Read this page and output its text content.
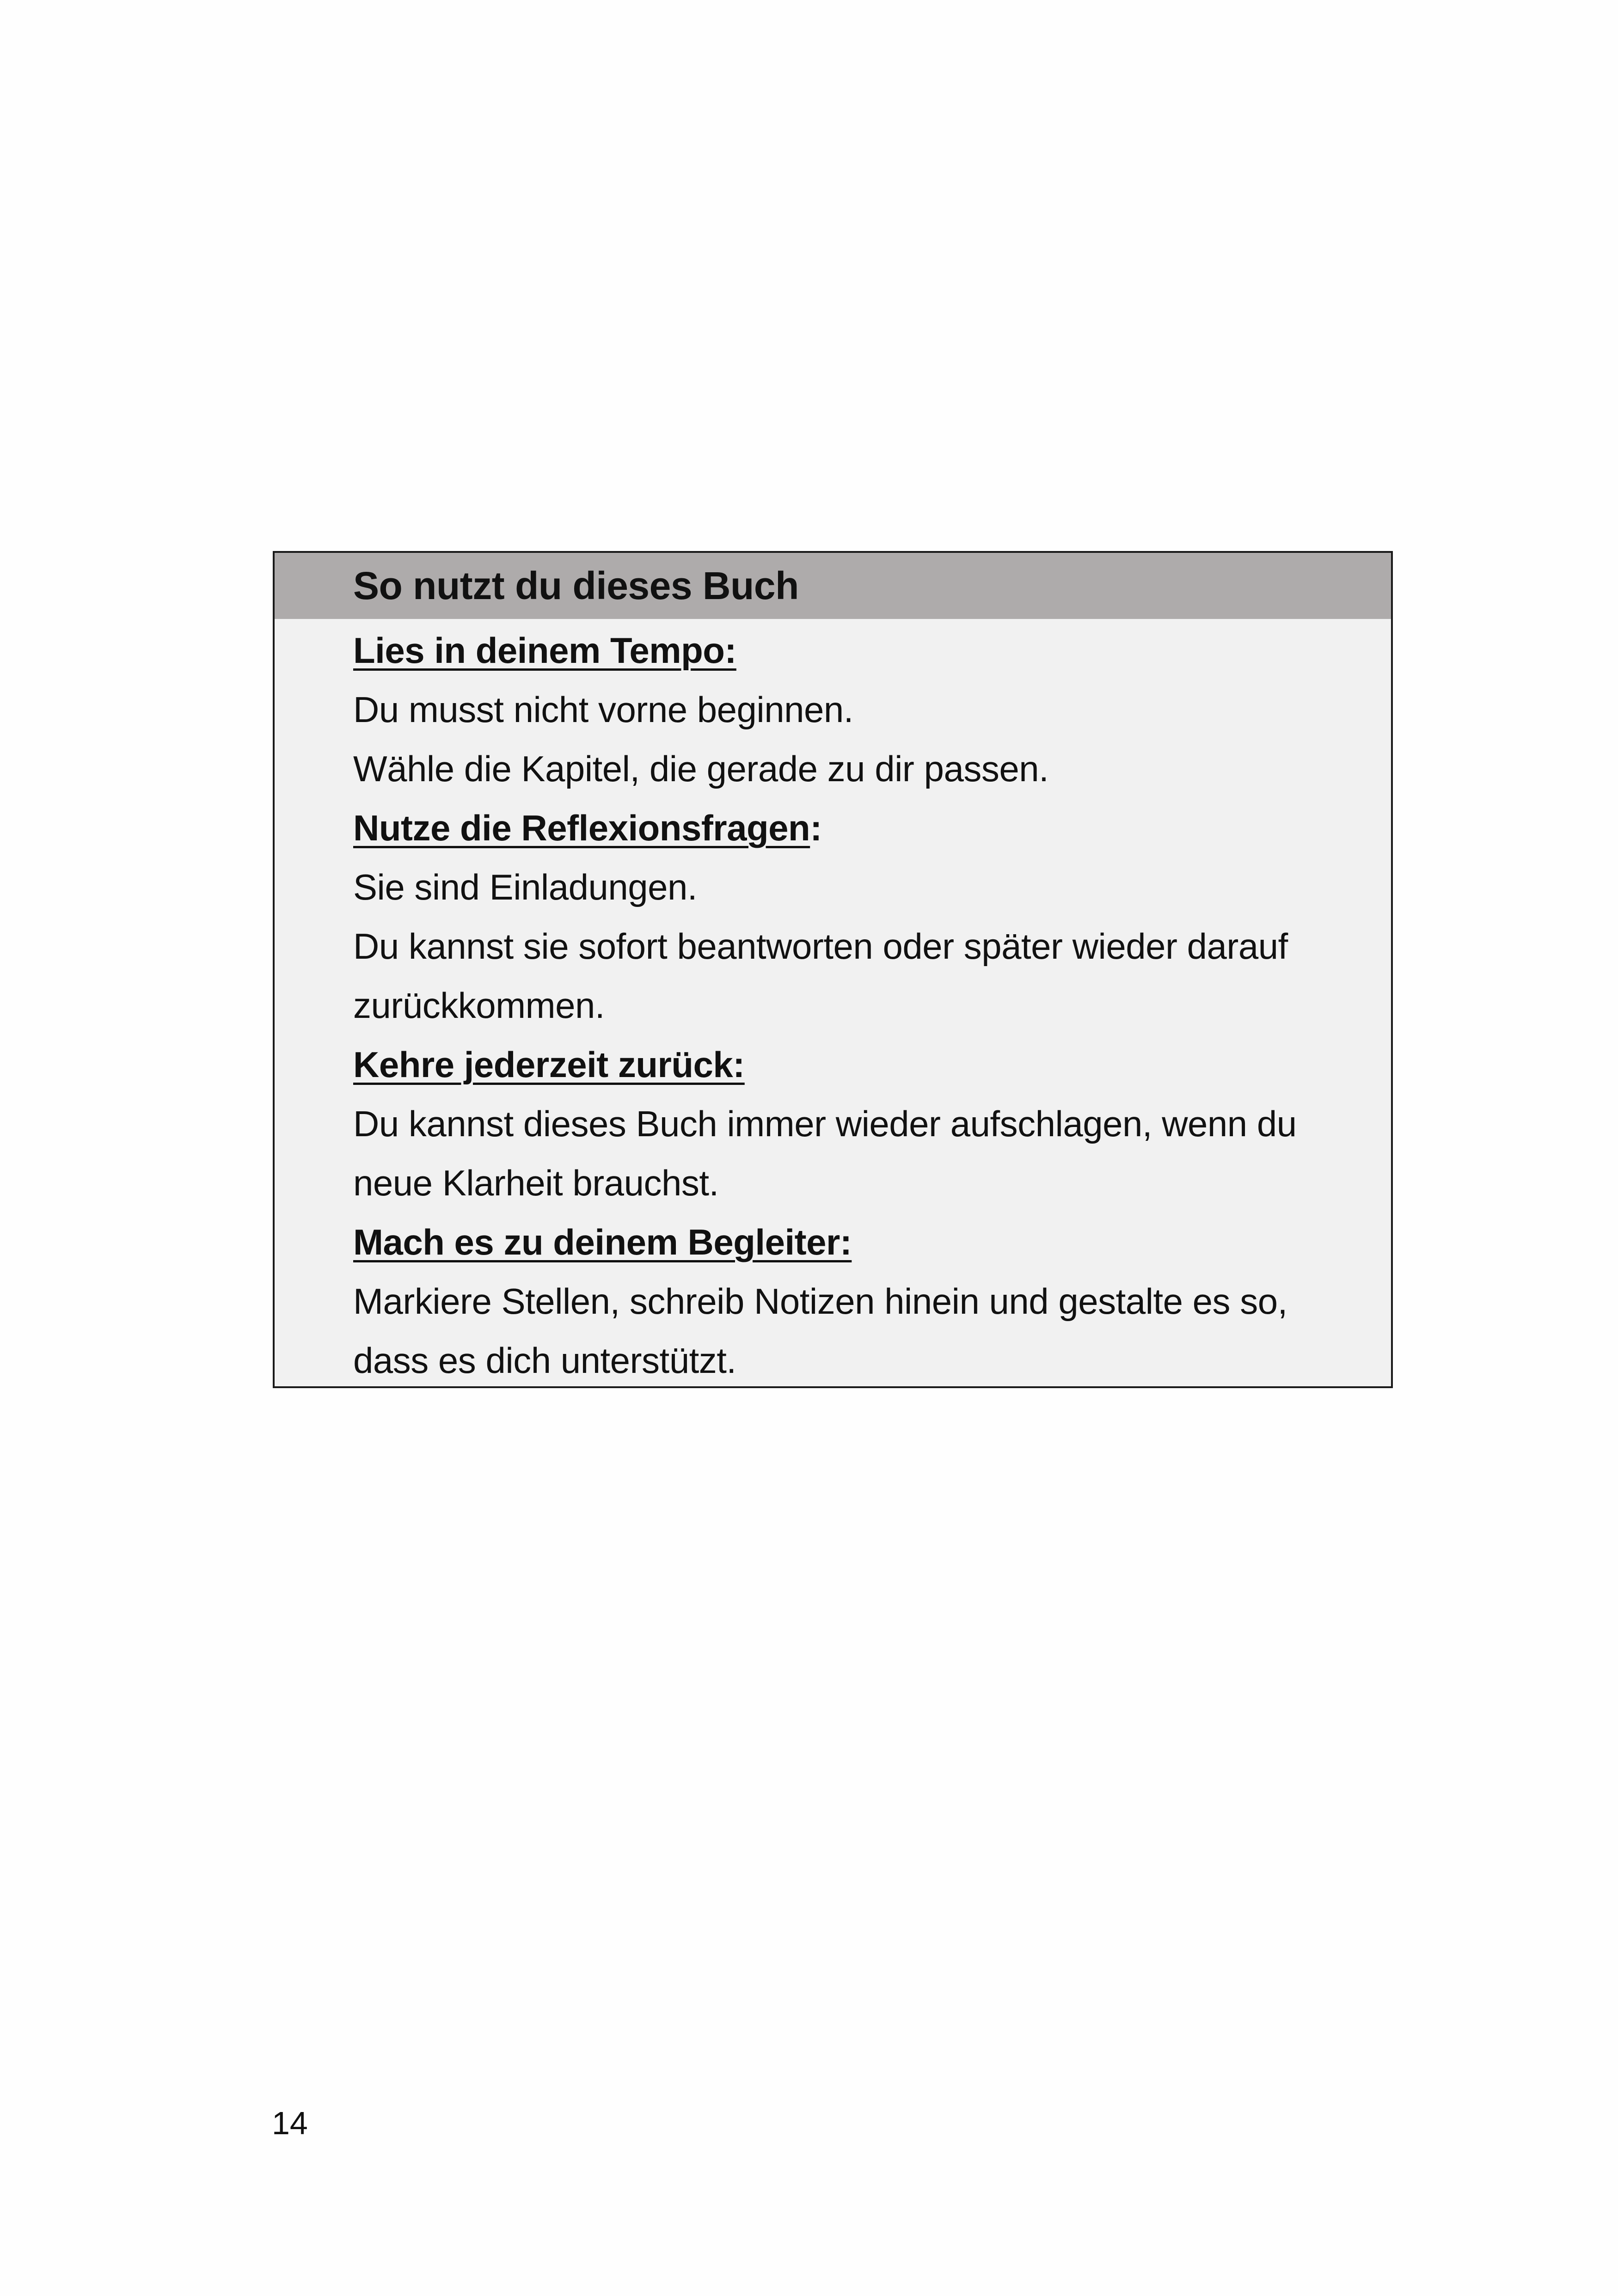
So nutzt du dieses Buch
Lies in deinem Tempo:
Du musst nicht vorne beginnen.
Wähle die Kapitel, die gerade zu dir passen.
Nutze die Reflexionsfragen:
Sie sind Einladungen.
Du kannst sie sofort beantworten oder später wieder darauf
zurückkommen.
Kehre jederzeit zurück:
Du kannst dieses Buch immer wieder aufschlagen, wenn du
neue Klarheit brauchst.
Mach es zu deinem Begleiter:
Markiere Stellen, schreib Notizen hinein und gestalte es so,
dass es dich unterstützt.
14
